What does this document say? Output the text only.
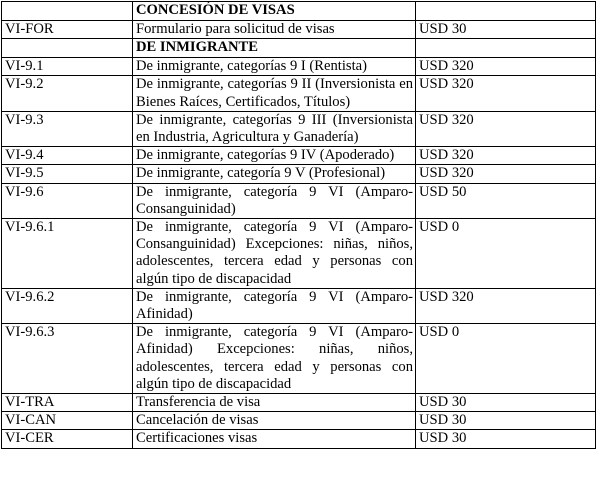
	CONCESIÓN DE VISAS	
VI-FOR	Formulario para solicitud de visas	USD 30
	DE INMIGRANTE	
VI-9.1	De inmigrante, categorías 9 I (Rentista)	USD 320
VI-9.2	De inmigrante, categorías 9 II (Inversionista en Bienes Raíces, Certificados, Títulos)	USD 320
VI-9.3	De inmigrante, categorías 9 III (Inversionista en Industria, Agricultura y Ganadería)	USD 320
VI-9.4	De inmigrante, categorías 9 IV (Apoderado)	USD 320
VI-9.5	De inmigrante, categoría 9 V (Profesional)	USD 320
VI-9.6	De inmigrante, categoría 9 VI (Amparo-Consanguinidad)	USD 50
VI-9.6.1	De inmigrante, categoría 9 VI (Amparo-Consanguinidad) Excepciones: niñas, niños, adolescentes, tercera edad y personas con algún tipo de discapacidad	USD 0
VI-9.6.2	De inmigrante, categoría 9 VI (Amparo-Afinidad)	USD 320
VI-9.6.3	De inmigrante, categoría 9 VI (Amparo-Afinidad) Excepciones: niñas, niños, adolescentes, tercera edad y personas con algún tipo de discapacidad	USD 0
VI-TRA	Transferencia de visa	USD 30
VI-CAN	Cancelación de visas	USD 30
VI-CER	Certificaciones visas	USD 30
